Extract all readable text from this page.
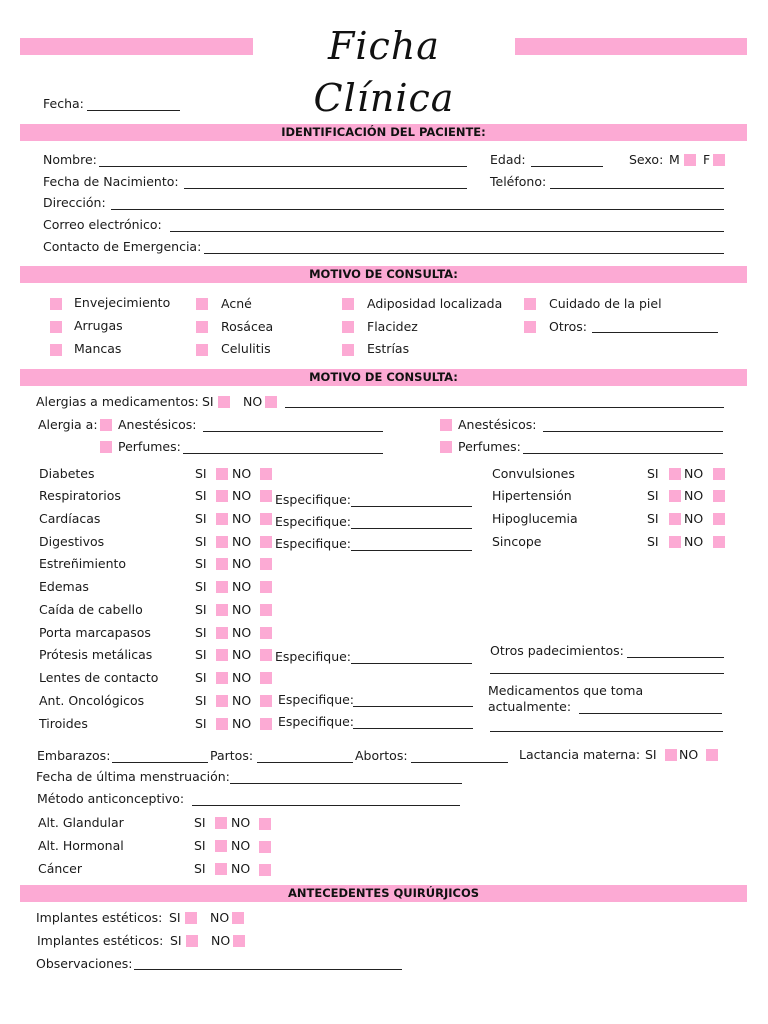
Ficha Clínica
Fecha:
IDENTIFICACIÓN DEL PACIENTE:
Nombre:	Edad:	Sexo: M F
Fecha de Nacimiento:	Teléfono:
Dirección:
Correo electrónico:
Contacto de Emergencia:
MOTIVO DE CONSULTA:
Envejecimiento
Arrugas
Mancas
Acné
Rosácea
Celulitis
Adiposidad localizada
Flacidez
Estrías
Cuidado de la piel
Otros:
MOTIVO DE CONSULTA:
Alergias a medicamentos: SI NO
Alergia a: Anestésicos:
Perfumes:
Anestésicos:
Perfumes:
Diabetes	SI NO
Respiratorios	SI NO Especifique:
Cardíacas	SI NO Especifique:
Digestivos	SI NO Especifique:
Estreñimiento	SI NO
Edemas	SI NO
Caída de cabello	SI NO
Porta marcapasos	SI NO
Prótesis metálicas	SI NO Especifique:
Lentes de contacto	SI NO
Ant. Oncológicos	SI NO Especifique:
Tiroides	SI NO Especifique:
Convulsiones	SI NO
Hipertensión	SI NO
Hipoglucemia	SI NO
Sincope	SI NO
Otros padecimientos:
Medicamentos que toma
actualmente:
Embarazos:	Partos:	Abortos:	Lactancia materna: SI NO
Fecha de última menstruación:
Método anticonceptivo:
Alt. Glandular	SI NO
Alt. Hormonal	SI NO
Cáncer	SI NO
ANTECEDENTES QUIRÚRJICOS
Implantes estéticos: SI NO
Implantes estéticos: SI NO
Observaciones:
